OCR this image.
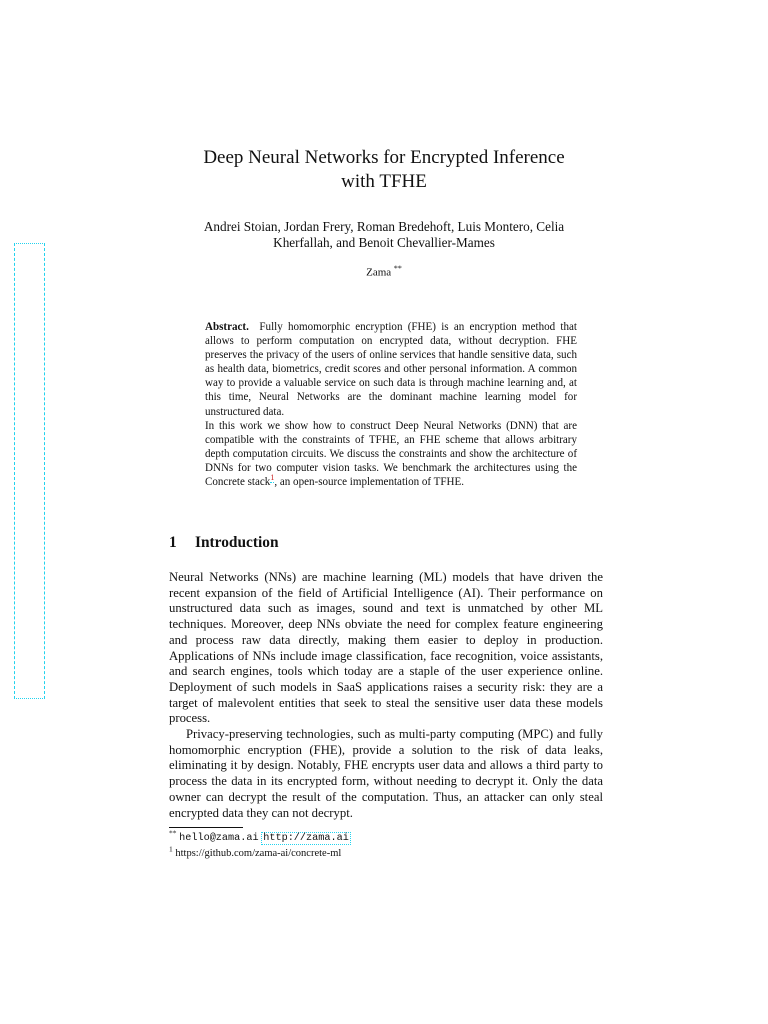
Deep Neural Networks for Encrypted Inference
with TFHE
Andrei Stoian, Jordan Frery, Roman Bredehoft, Luis Montero, Celia
Kherfallah, and Benoit Chevallier-Mames
Zama **

Abstract. Fully homomorphic encryption (FHE) is an encryption method that allows to perform computation on encrypted data, without decryption. FHE preserves the privacy of the users of online services that handle sensitive data, such as health data, biometrics, credit scores and other personal information. A common way to provide a valuable service on such data is through machine learning and, at this time, Neural Networks are the dominant machine learning model for unstructured data.

In this work we show how to construct Deep Neural Networks (DNN) that are compatible with the constraints of TFHE, an FHE scheme that allows arbitrary depth computation circuits. We discuss the constraints and show the architecture of DNNs for two computer vision tasks. We benchmark the architectures using the Concrete stack$^1$, an open-source implementation of TFHE.

1 Introduction

Neural Networks (NNs) are machine learning (ML) models that have driven the recent expansion of the field of Artificial Intelligence (AI). Their performance on unstructured data such as images, sound and text is unmatched by other ML techniques. Moreover, deep NNs obviate the need for complex feature engineering and process raw data directly, making them easier to deploy in production. Applications of NNs include image classification, face recognition, voice assistants, and search engines, tools which today are a staple of the user experience online. Deployment of such models in SaaS applications raises a security risk: they are a target of malevolent entities that seek to steal the sensitive user data these models process.

Privacy-preserving technologies, such as multi-party computing (MPC) and fully homomorphic encryption (FHE), provide a solution to the risk of data leaks, eliminating it by design. Notably, FHE encrypts user data and allows a third party to process the data in its encrypted form, without needing to decrypt it. Only the data owner can decrypt the result of the computation. Thus, an attacker can only steal encrypted data they can not decrypt.

** hello@zama.ai http://zama.ai
$^1$ https://github.com/zama-ai/concrete-ml
